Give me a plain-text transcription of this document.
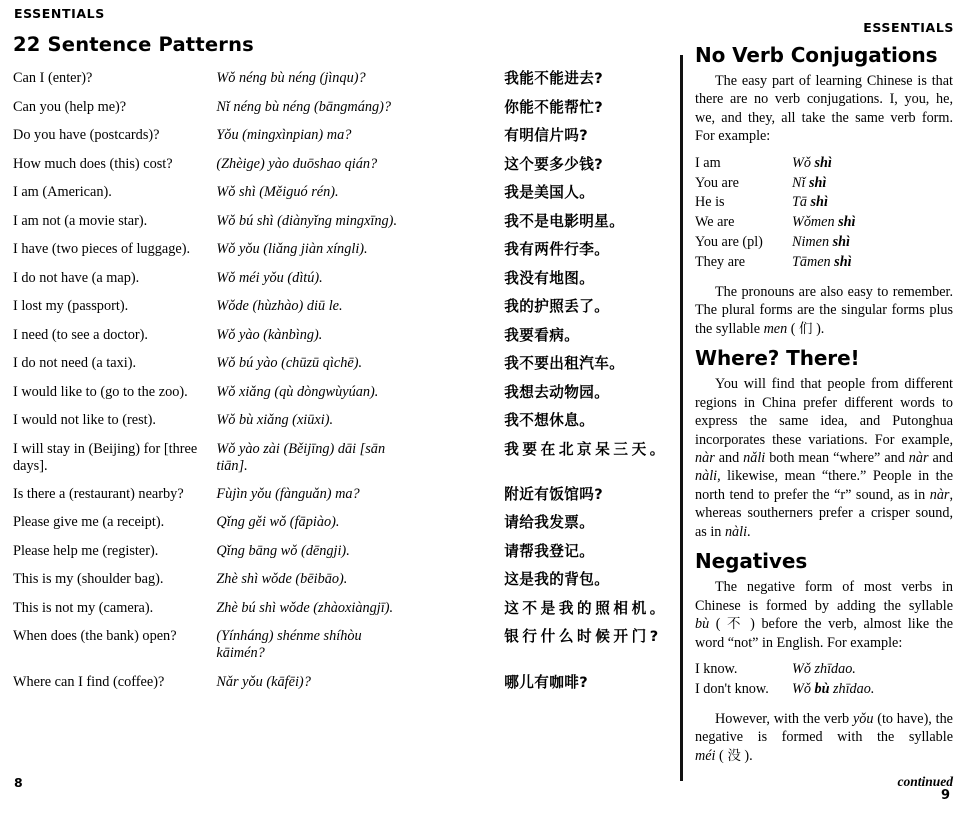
ESSENTIALS
22 Sentence Patterns
Can I (enter)?	Wǒ néng bù néng (jìnqu)?	我能不能进去?
Can you (help me)?	Nǐ néng bù néng (bāngmáng)?	你能不能帮忙?
Do you have (postcards)?	Yǒu (mingxìnpian) ma?	有明信片吗?
How much does (this) cost?	(Zhèige) yào duōshao qián?	这个要多少钱?
I am (American).	Wǒ shì (Měiguó rén).	我是美国人。
I am not (a movie star).	Wǒ bú shì (diànyǐng mingxīng).	我不是电影明星。
I have (two pieces of luggage).	Wǒ yǒu (liǎng jiàn xíngli).	我有两件行李。
I do not have (a map).	Wǒ méi yǒu (dìtú).	我没有地图。
I lost my (passport).	Wǒde (hùzhào) diū le.	我的护照丢了。
I need (to see a doctor).	Wǒ yào (kànbìng).	我要看病。
I do not need (a taxi).	Wǒ bú yào (chūzū qìchē).	我不要出租汽车。
I would like to (go to the zoo).	Wǒ xiǎng (qù dòngwùyúan).	我想去动物园。
I would not like to (rest).	Wǒ bù xiǎng (xiūxi).	我不想休息。
I will stay in (Beijing) for [three days].	Wǒ yào zài (Běijīng) dāi [sān tiān].	我要在北京呆三天。
Is there a (restaurant) nearby?	Fùjìn yǒu (fànguǎn) ma?	附近有饭馆吗?
Please give me (a receipt).	Qǐng gěi wǒ (fāpiào).	请给我发票。
Please help me (register).	Qǐng bāng wǒ (dēngji).	请帮我登记。
This is my (shoulder bag).	Zhè shì wǒde (bēibāo).	这是我的背包。
This is not my (camera).	Zhè bú shì wǒde (zhàoxiàngjī).	这不是我的照相机。
When does (the bank) open?	(Yínháng) shénme shíhòu kāimén?	银行什么时候开门?
Where can I find (coffee)?	Nǎr yǒu (kāfēi)?	哪儿有咖啡?
8
ESSENTIALS
No Verb Conjugations

The easy part of learning Chinese is that there are no verb conjugations. I, you, he, we, and they, all take the same verb form. For example:

I am	Wǒ shì
You are	Nǐ shì
He is	Tā shì
We are	Wǒmen shì
You are (pl)	Nimen shì
They are	Tāmen shì

The pronouns are also easy to remember. The plural forms are the singular forms plus the syllable men ( 们 ).

Where? There!

You will find that people from different regions in China prefer different words to express the same idea, and Putonghua incorporates these variations. For example, nàr and nǎli both mean “where” and nàr and nàli, likewise, mean “there.” People in the north tend to prefer the “r” sound, as in nàr, whereas southerners prefer a crisper sound, as in nàli.

Negatives

The negative form of most verbs in Chinese is formed by adding the syllable bù ( 不 ) before the verb, almost like the word “not” in English. For example:

I know.	Wǒ zhīdao.
I don't know.	Wǒ bù zhīdao.

However, with the verb yǒu (to have), the negative is formed with the syllable méi ( 没 ).

continued
9
